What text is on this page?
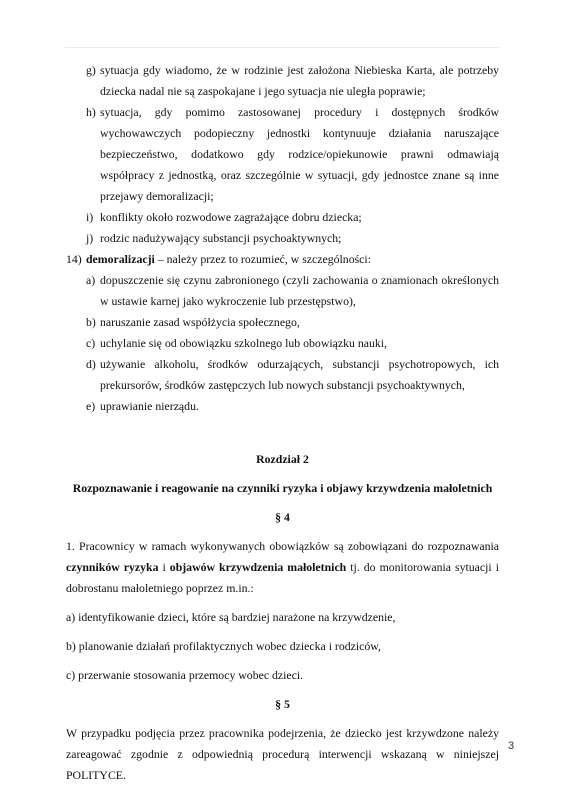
g) sytuacja gdy wiadomo, że w rodzinie jest założona Niebieska Karta, ale potrzeby dziecka nadal nie są zaspokajane i jego sytuacja nie uległa poprawie;
h) sytuacja, gdy pomimo zastosowanej procedury i dostępnych środków wychowawczych podopieczny jednostki kontynuuje działania naruszające bezpieczeństwo, dodatkowo gdy rodzice/opiekunowie prawni odmawiają współpracy z jednostką, oraz szczególnie w sytuacji, gdy jednostce znane są inne przejawy demoralizacji;
i) konflikty około rozwodowe zagrażające dobru dziecka;
j) rodzic nadużywający substancji psychoaktywnych;
14) demoralizacji – należy przez to rozumieć, w szczególności:
a) dopuszczenie się czynu zabronionego (czyli zachowania o znamionach określonych w ustawie karnej jako wykroczenie lub przestępstwo),
b) naruszanie zasad współżycia społecznego,
c) uchylanie się od obowiązku szkolnego lub obowiązku nauki,
d) używanie alkoholu, środków odurzających, substancji psychotropowych, ich prekursorów, środków zastępczych lub nowych substancji psychoaktywnych,
e) uprawianie nierządu.
Rozdział 2
Rozpoznawanie i reagowanie na czynniki ryzyka i objawy krzywdzenia małoletnich
§ 4
1. Pracownicy w ramach wykonywanych obowiązków są zobowiązani do rozpoznawania czynników ryzyka i objawów krzywdzenia małoletnich tj. do monitorowania sytuacji i dobrostanu małoletniego poprzez m.in.:
a) identyfikowanie dzieci, które są bardziej narażone na krzywdzenie,
b) planowanie działań profilaktycznych wobec dziecka i rodziców,
c) przerwanie stosowania przemocy wobec dzieci.
§ 5
W przypadku podjęcia przez pracownika podejrzenia, że dziecko jest krzywdzone należy zareagować zgodnie z odpowiednią procedurą interwencji wskazaną w niniejszej POLITYCE.
3
